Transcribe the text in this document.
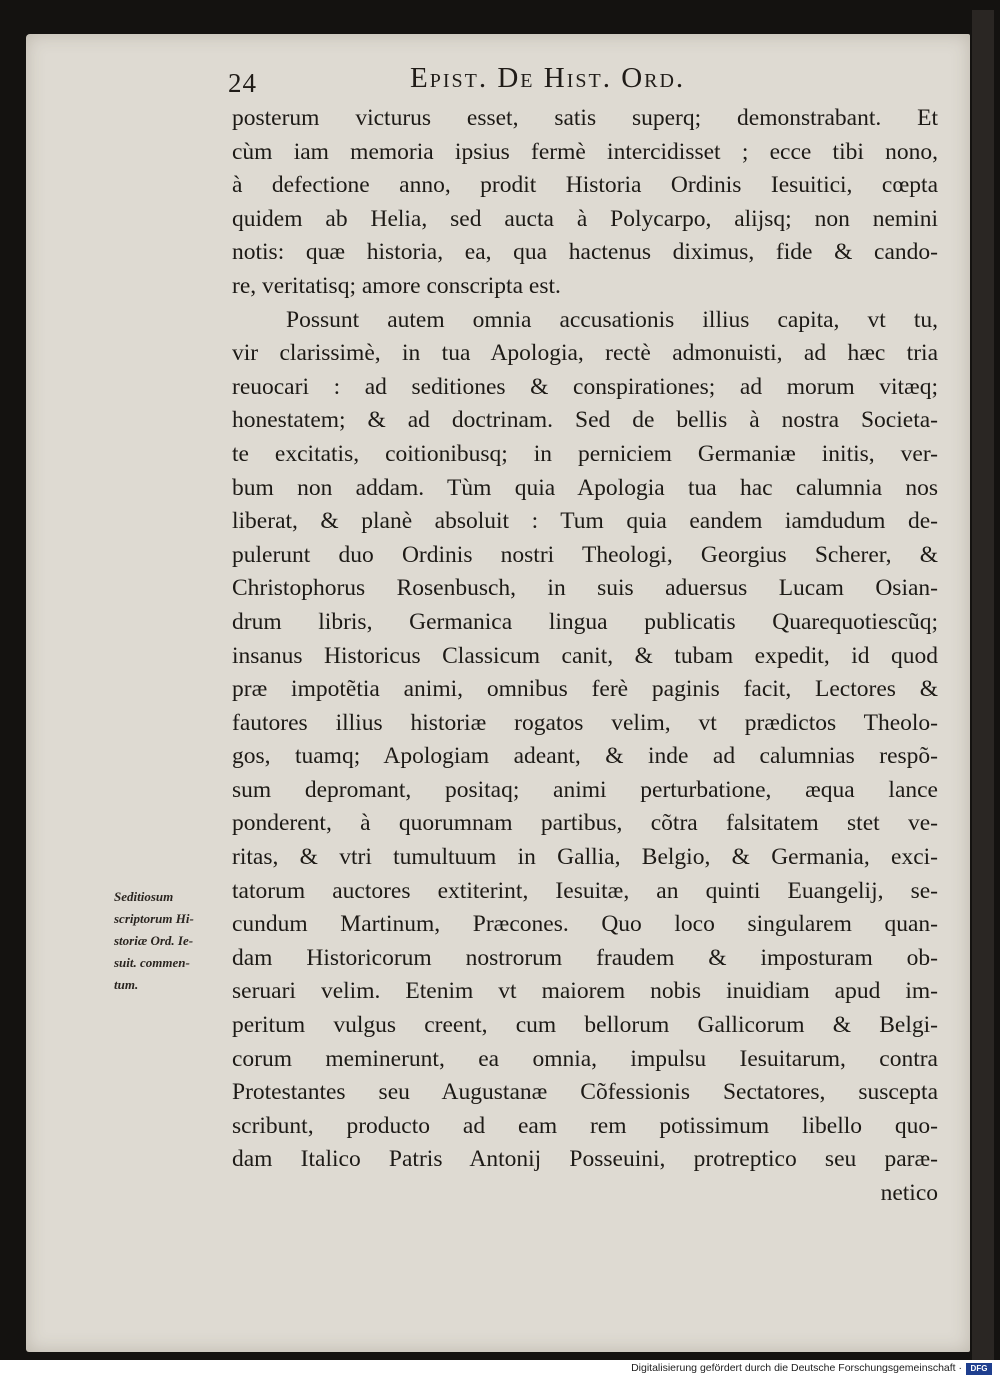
24	Epist. De Hist. Ord.
posterum victurus esset, satis superq; demonstrabant. Et
cùm iam memoria ipsius fermè intercidisset ; ecce tibi nono,
à defectione anno, prodit Historia Ordinis Iesuitici, cœpta
quidem ab Helia, sed aucta à Polycarpo, alijsq; non nemini
notis: quæ historia, ea, qua hactenus diximus, fide & cando-
re, veritatisq; amore conscripta est.
Possunt autem omnia accusationis illius capita, vt tu,
vir clarissimè, in tua Apologia, rectè admonuisti, ad hæc tria
reuocari : ad seditiones & conspirationes; ad morum vitæq;
honestatem; & ad doctrinam. Sed de bellis à nostra Societa-
te excitatis, coitionibusq; in perniciem Germaniæ initis, ver-
bum non addam. Tùm quia Apologia tua hac calumnia nos
liberat, & planè absoluit : Tum quia eandem iamdudum de-
pulerunt duo Ordinis nostri Theologi, Georgius Scherer, &
Christophorus Rosenbusch, in suis aduersus Lucam Osian-
drum libris, Germanica lingua publicatis Quarequotiescũq;
insanus Historicus Classicum canit, & tubam expedit, id quod
præ impotẽtia animi, omnibus ferè paginis facit, Lectores &
fautores illius historiæ rogatos velim, vt prædictos Theolo-
gos, tuamq; Apologiam adeant, & inde ad calumnias respõ-
sum depromant, positaq; animi perturbatione, æqua lance
ponderent, à quorumnam partibus, cõtra falsitatem stet ve-
ritas, & vtri tumultuum in Gallia, Belgio, & Germania, exci-
tatorum auctores extiterint, Iesuitæ, an quinti Euangelij, se-
cundum Martinum, Præcones. Quo loco singularem quan-
dam Historicorum nostrorum fraudem & imposturam ob-
seruari velim. Etenim vt maiorem nobis inuidiam apud im-
peritum vulgus creent, cum bellorum Gallicorum & Belgi-
corum meminerunt, ea omnia, impulsu Iesuitarum, contra
Protestantes seu Augustanæ Cõfessionis Sectatores, suscepta
scribunt, producto ad eam rem potissimum libello quo-
dam Italico Patris Antonij Posseuini, protreptico seu paræ-
netico
Seditiosum
scriptorum Hi-
storiæ Ord. Ie-
suit. commen-
tum.
Digitalisierung gefördert durch die Deutsche Forschungsgemeinschaft ·	DFG
